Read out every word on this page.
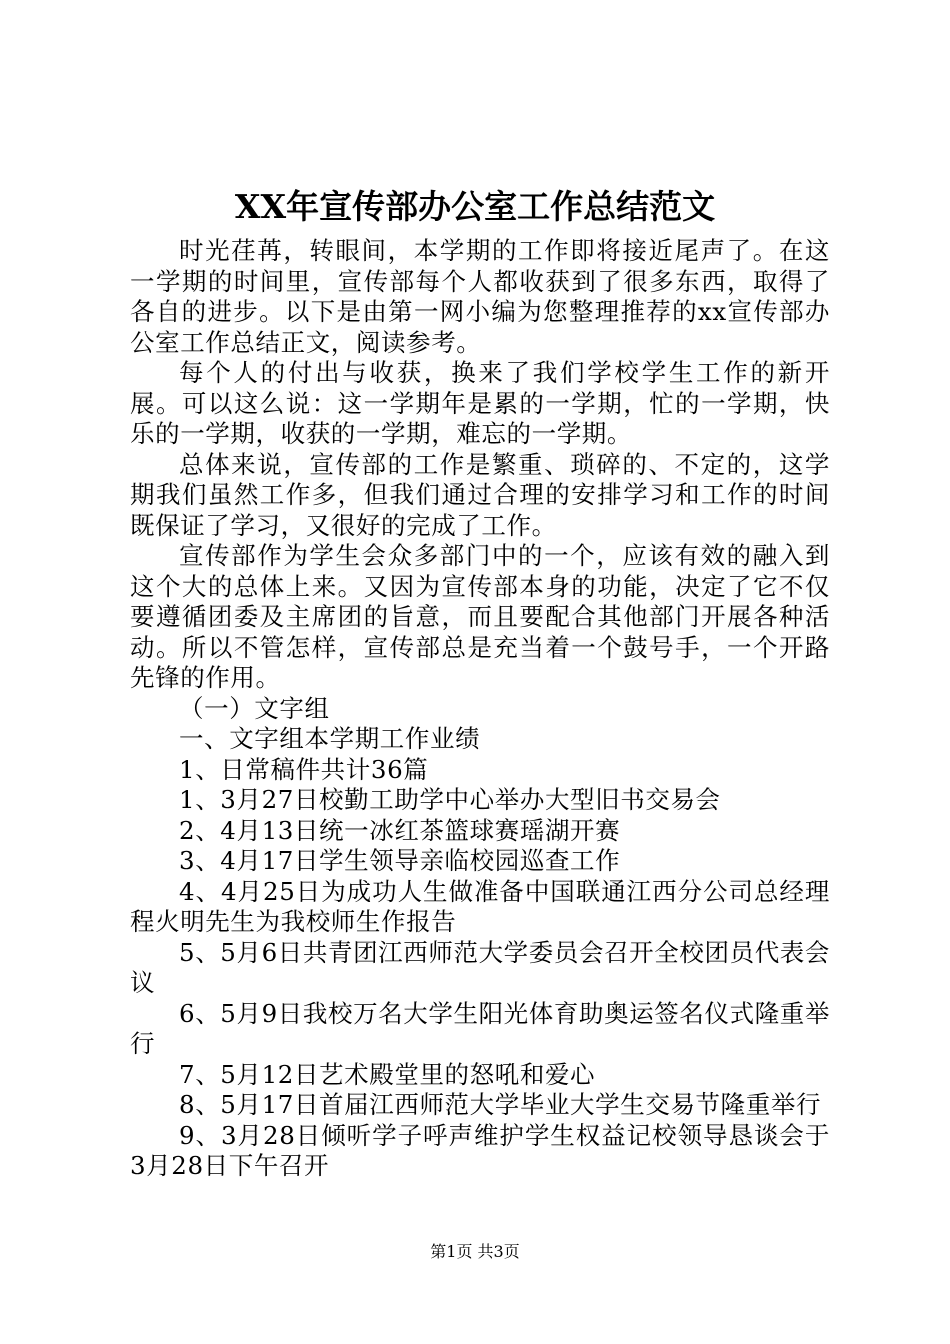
XX年宣传部办公室工作总结范文

时光荏苒，转眼间，本学期的工作即将接近尾声了。在这一学期的时间里，宣传部每个人都收获到了很多东西，取得了各自的进步。以下是由第一网小编为您整理推荐的xx宣传部办公室工作总结正文，阅读参考。

每个人的付出与收获，换来了我们学校学生工作的新开展。可以这么说：这一学期年是累的一学期，忙的一学期，快乐的一学期，收获的一学期，难忘的一学期。

总体来说，宣传部的工作是繁重、琐碎的、不定的，这学期我们虽然工作多，但我们通过合理的安排学习和工作的时间既保证了学习，又很好的完成了工作。

宣传部作为学生会众多部门中的一个，应该有效的融入到这个大的总体上来。又因为宣传部本身的功能，决定了它不仅要遵循团委及主席团的旨意，而且要配合其他部门开展各种活动。所以不管怎样，宣传部总是充当着一个鼓号手，一个开路先锋的作用。

（一）文字组

一、文字组本学期工作业绩

1、日常稿件共计36篇

1、3月27日校勤工助学中心举办大型旧书交易会

2、4月13日统一冰红茶篮球赛瑶湖开赛

3、4月17日学生领导亲临校园巡查工作

4、4月25日为成功人生做准备中国联通江西分公司总经理程火明先生为我校师生作报告

5、5月6日共青团江西师范大学委员会召开全校团员代表会议

6、5月9日我校万名大学生阳光体育助奥运签名仪式隆重举行

7、5月12日艺术殿堂里的怒吼和爱心

8、5月17日首届江西师范大学毕业大学生交易节隆重举行

9、3月28日倾听学子呼声维护学生权益记校领导恳谈会于3月28日下午召开

第1页 共3页
